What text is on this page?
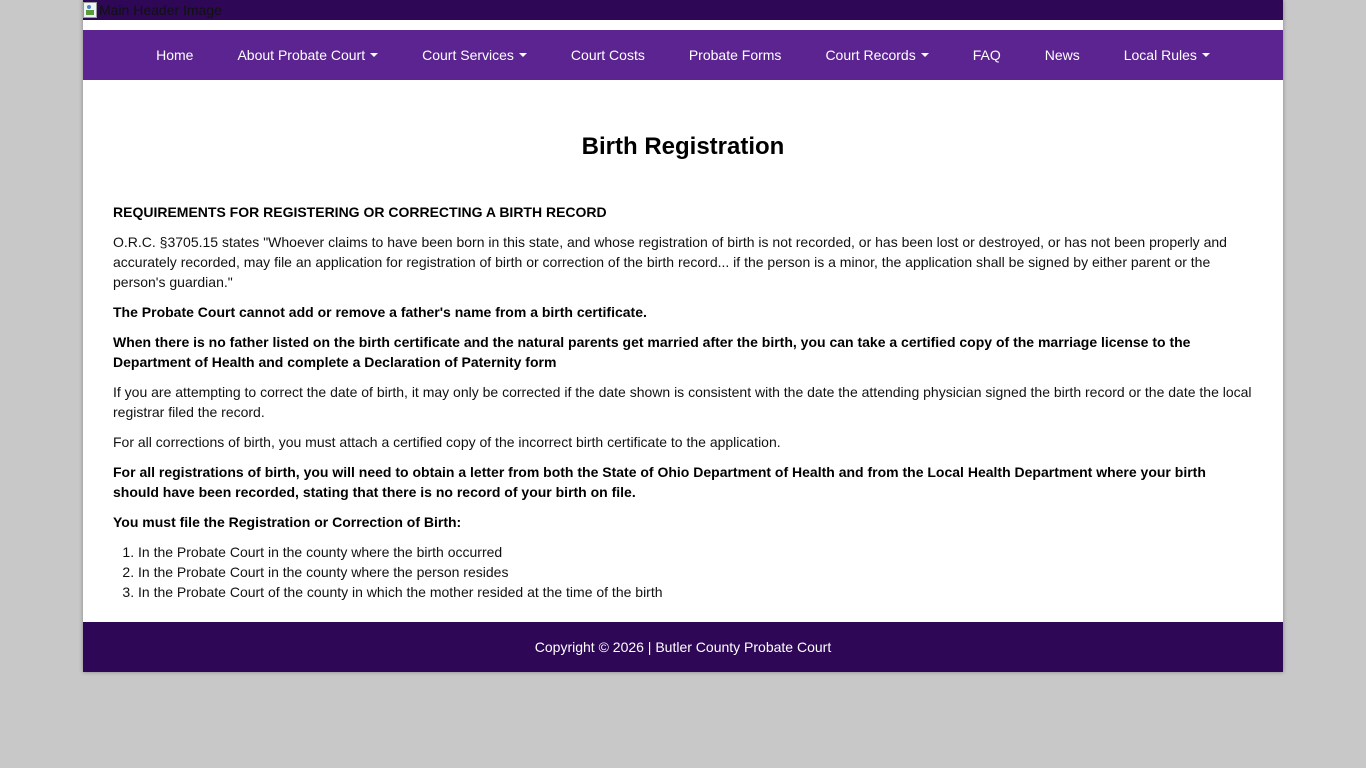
Main Header Image
Home	About Probate Court	Court Services	Court Costs	Probate Forms	Court Records	FAQ	News	Local Rules
Birth Registration

REQUIREMENTS FOR REGISTERING OR CORRECTING A BIRTH RECORD

O.R.C. §3705.15 states "Whoever claims to have been born in this state, and whose registration of birth is not recorded, or has been lost or destroyed, or has not been properly and accurately recorded, may file an application for registration of birth or correction of the birth record... if the person is a minor, the application shall be signed by either parent or the person's guardian."

The Probate Court cannot add or remove a father's name from a birth certificate.

When there is no father listed on the birth certificate and the natural parents get married after the birth, you can take a certified copy of the marriage license to the Department of Health and complete a Declaration of Paternity form

If you are attempting to correct the date of birth, it may only be corrected if the date shown is consistent with the date the attending physician signed the birth record or the date the local registrar filed the record.

For all corrections of birth, you must attach a certified copy of the incorrect birth certificate to the application.

For all registrations of birth, you will need to obtain a letter from both the State of Ohio Department of Health and from the Local Health Department where your birth should have been recorded, stating that there is no record of your birth on file.

You must file the Registration or Correction of Birth:

1. In the Probate Court in the county where the birth occurred
2. In the Probate Court in the county where the person resides
3. In the Probate Court of the county in which the mother resided at the time of the birth
Copyright © 2026 | Butler County Probate Court
